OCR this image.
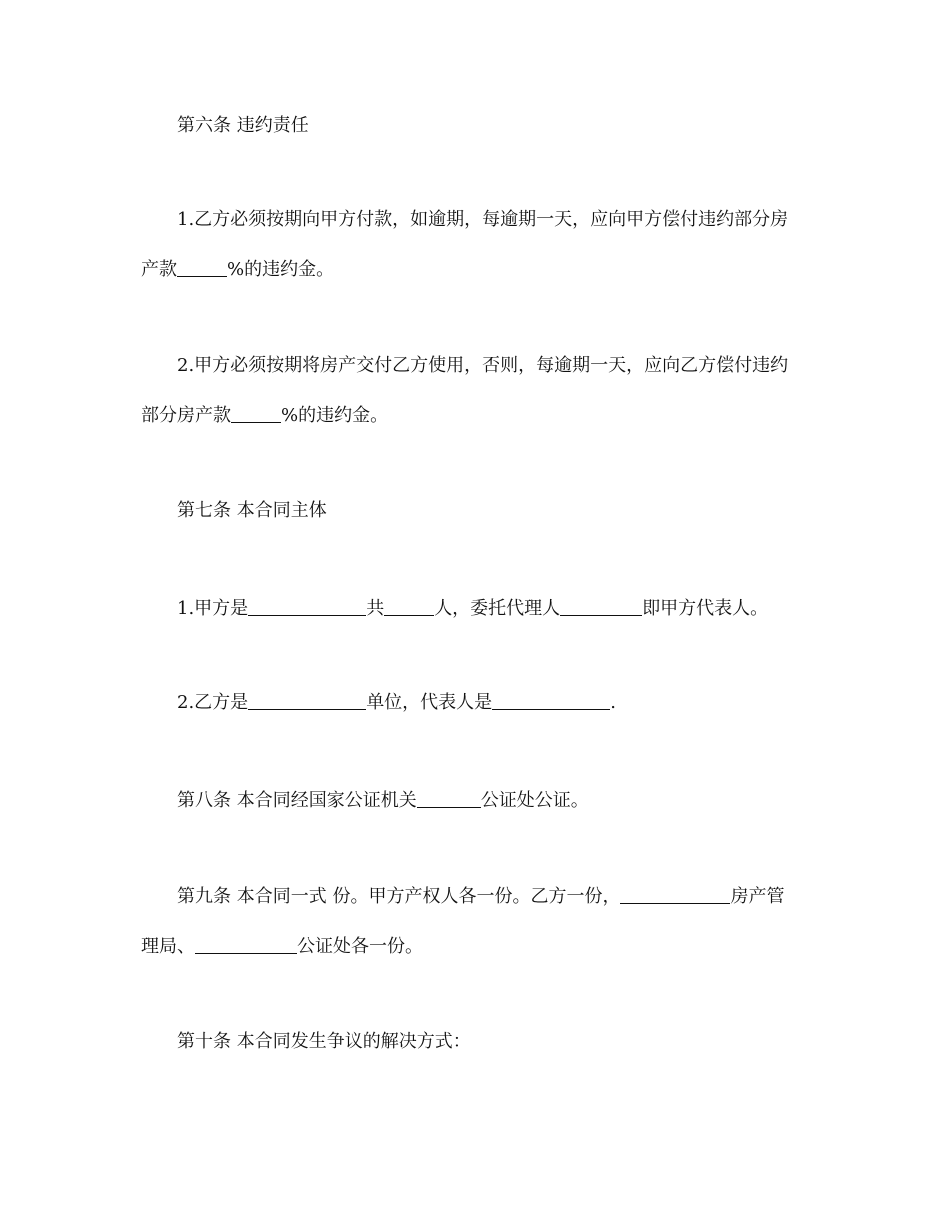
第六条 违约责任
1.乙方必须按期向甲方付款，如逾期，每逾期一天，应向甲方偿付违约部分房
产款	%的违约金。
2.甲方必须按期将房产交付乙方使用，否则，每逾期一天，应向乙方偿付违约
部分房产款	%的违约金。
第七条 本合同主体
1.甲方是	共	人，委托代理人	即甲方代表人。
2.乙方是	单位，代表人是	.
第八条 本合同经国家公证机关	公证处公证。
第九条 本合同一式 份。甲方产权人各一份。乙方一份，	房产管
理局、	公证处各一份。
第十条 本合同发生争议的解决方式：
